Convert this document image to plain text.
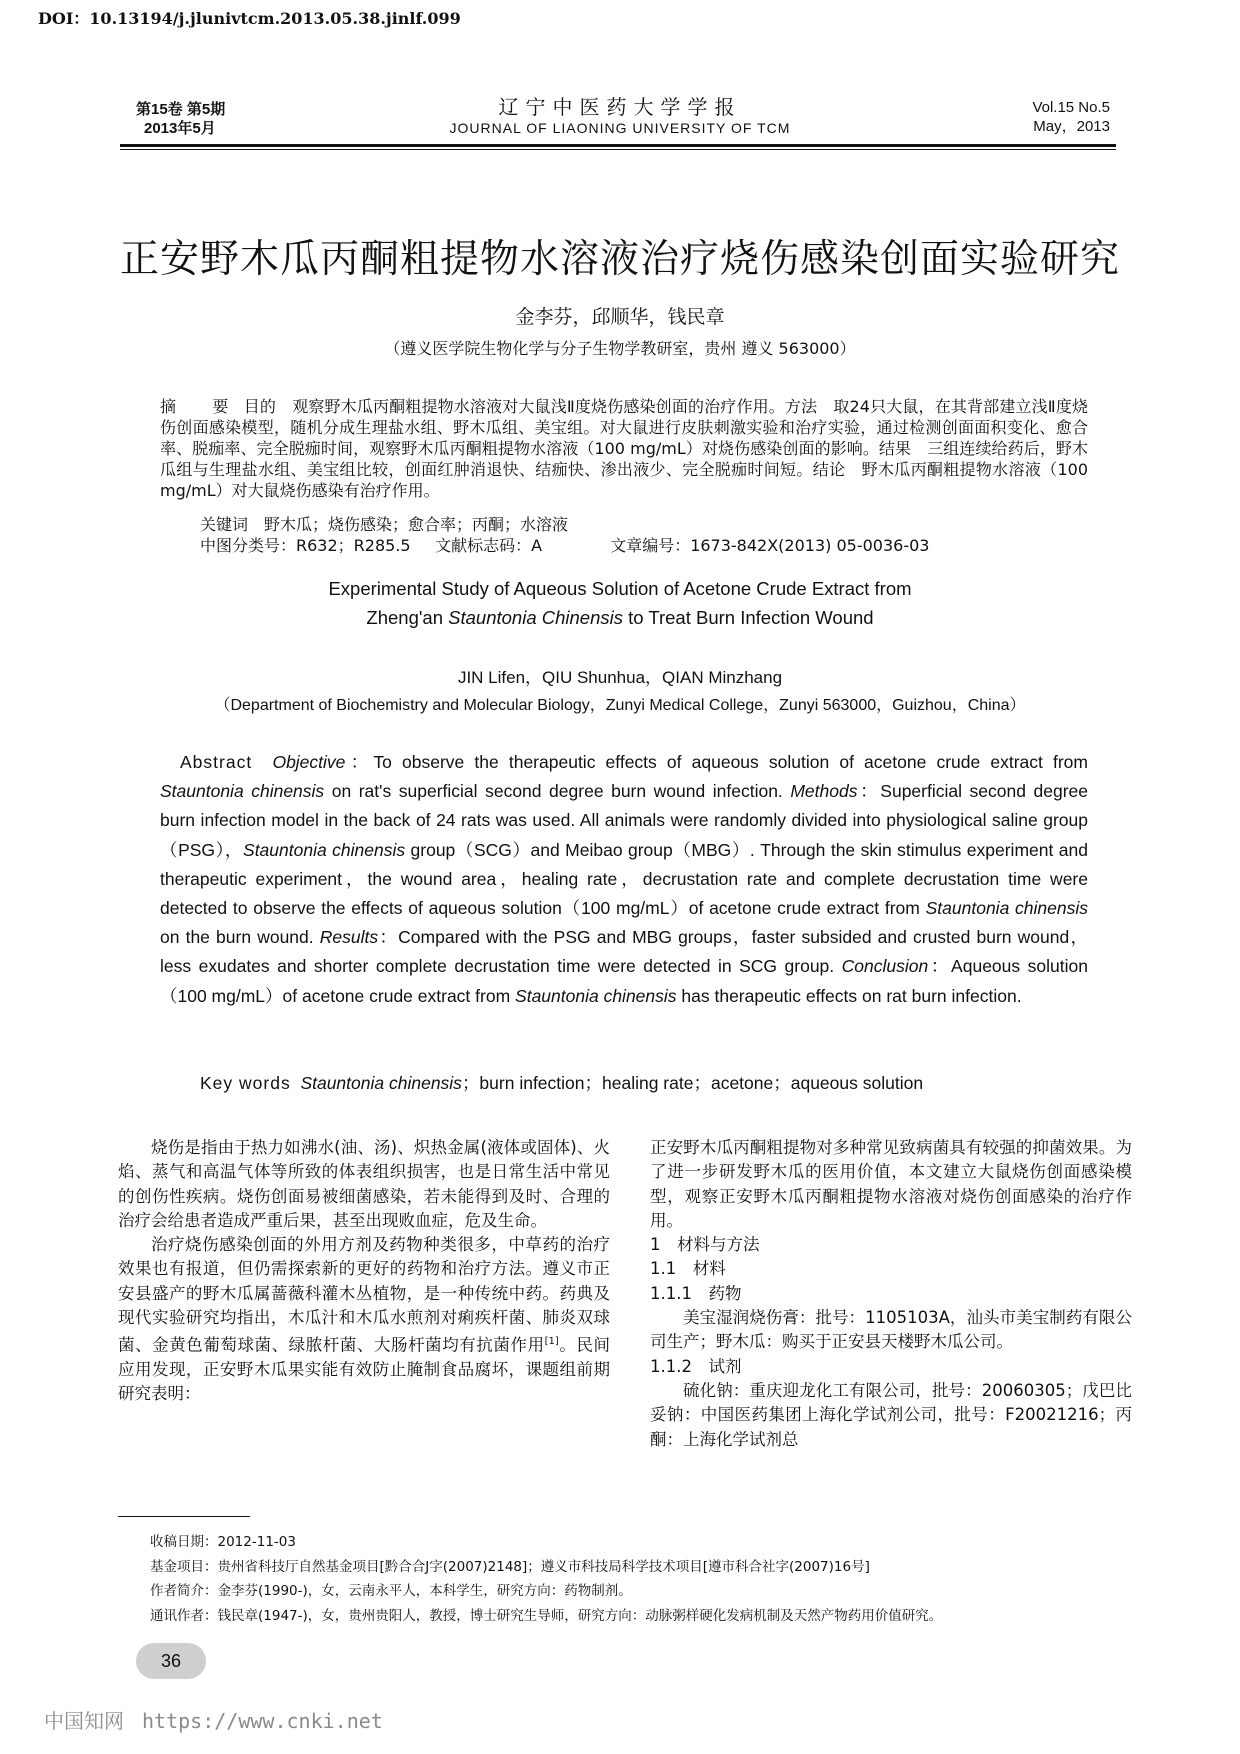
DOI：10.13194/j.jlunivtcm.2013.05.38.jinlf.099
第15卷 第5期
2013年5月
辽宁中医药大学学报
JOURNAL OF LIAONING UNIVERSITY OF TCM
Vol.15 No.5
May，2013
正安野木瓜丙酮粗提物水溶液治疗烧伤感染创面实验研究
金李芬，邱顺华，钱民章
（遵义医学院生物化学与分子生物学教研室，贵州 遵义 563000）
摘　要 目的　观察野木瓜丙酮粗提物水溶液对大鼠浅Ⅱ度烧伤感染创面的治疗作用。方法　取24只大鼠，在其背部建立浅Ⅱ度烧伤创面感染模型，随机分成生理盐水组、野木瓜组、美宝组。对大鼠进行皮肤刺激实验和治疗实验，通过检测创面面积变化、愈合率、脱痂率、完全脱痂时间，观察野木瓜丙酮粗提物水溶液（100 mg/mL）对烧伤感染创面的影响。结果　三组连续给药后，野木瓜组与生理盐水组、美宝组比较，创面红肿消退快、结痂快、渗出液少、完全脱痂时间短。结论　野木瓜丙酮粗提物水溶液（100 mg/mL）对大鼠烧伤感染有治疗作用。
关键词　野木瓜；烧伤感染；愈合率；丙酮；水溶液
中图分类号：R632；R285.5 文献标志码：A	文章编号：1673-842X(2013) 05-0036-03
Experimental Study of Aqueous Solution of Acetone Crude Extract from
Zheng'an Stauntonia Chinensis to Treat Burn Infection Wound
JIN Lifen，QIU Shunhua，QIAN Minzhang
（Department of Biochemistry and Molecular Biology，Zunyi Medical College，Zunyi 563000，Guizhou，China）
Abstract Objective：To observe the therapeutic effects of aqueous solution of acetone crude extract from Stauntonia chinensis on rat's superficial second degree burn wound infection. Methods：Superficial second degree burn infection model in the back of 24 rats was used. All animals were randomly divided into physiological saline group（PSG），Stauntonia chinensis group（SCG）and Meibao group（MBG）. Through the skin stimulus experiment and therapeutic experiment，the wound area，healing rate，decrustation rate and complete decrustation time were detected to observe the effects of aqueous solution（100 mg/mL）of acetone crude extract from Stauntonia chinensis on the burn wound. Results：Compared with the PSG and MBG groups，faster subsided and crusted burn wound，less exudates and shorter complete decrustation time were detected in SCG group. Conclusion：Aqueous solution（100 mg/mL）of acetone crude extract from Stauntonia chinensis has therapeutic effects on rat burn infection.
Key words Stauntonia chinensis；burn infection；healing rate；acetone；aqueous solution

烧伤是指由于热力如沸水(油、汤)、炽热金属(液体或固体)、火焰、蒸气和高温气体等所致的体表组织损害，也是日常生活中常见的创伤性疾病。烧伤创面易被细菌感染，若未能得到及时、合理的治疗会给患者造成严重后果，甚至出现败血症，危及生命。

治疗烧伤感染创面的外用方剂及药物种类很多，中草药的治疗效果也有报道，但仍需探索新的更好的药物和治疗方法。遵义市正安县盛产的野木瓜属蔷薇科灌木丛植物，是一种传统中药。药典及现代实验研究均指出，木瓜汁和木瓜水煎剂对痢疾杆菌、肺炎双球菌、金黄色葡萄球菌、绿脓杆菌、大肠杆菌均有抗菌作用[1]。民间应用发现，正安野木瓜果实能有效防止腌制食品腐坏，课题组前期研究表明：

正安野木瓜丙酮粗提物对多种常见致病菌具有较强的抑菌效果。为了进一步研发野木瓜的医用价值，本文建立大鼠烧伤创面感染模型，观察正安野木瓜丙酮粗提物水溶液对烧伤创面感染的治疗作用。

1　材料与方法

1.1　材料

1.1.1　药物

美宝湿润烧伤膏：批号：1105103A，汕头市美宝制药有限公司生产；野木瓜：购买于正安县天楼野木瓜公司。

1.1.2　试剂

硫化钠：重庆迎龙化工有限公司，批号：20060305；戊巴比妥钠：中国医药集团上海化学试剂公司，批号：F20021216；丙酮：上海化学试剂总

收稿日期：2012-11-03
基金项目：贵州省科技厅自然基金项目[黔合合J字(2007)2148]；遵义市科技局科学技术项目[遵市科合社字(2007)16号]
作者简介：金李芬(1990-)，女，云南永平人，本科学生，研究方向：药物制剂。
通讯作者：钱民章(1947-)，女，贵州贵阳人，教授，博士研究生导师，研究方向：动脉粥样硬化发病机制及天然产物药用价值研究。
36
中国知网 https://www.cnki.net
